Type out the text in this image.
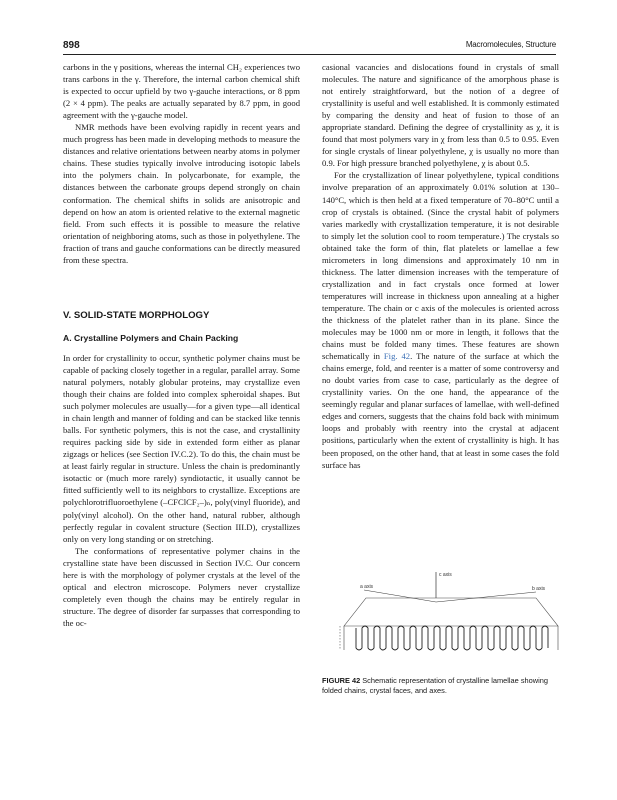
898	Macromolecules, Structure

carbons in the γ positions, whereas the internal CH₂ experiences two trans carbons in the γ. Therefore, the internal carbon chemical shift is expected to occur upfield by two γ-gauche interactions, or 8 ppm (2 × 4 ppm). The peaks are actually separated by 8.7 ppm, in good agreement with the γ-gauche model.

NMR methods have been evolving rapidly in recent years and much progress has been made in developing methods to measure the distances and relative orientations between nearby atoms in polymer chains. These studies typically involve introducing isotopic labels into the polymers chain. In polycarbonate, for example, the distances between the carbonate groups depend strongly on chain conformation. The chemical shifts in solids are anisotropic and depend on how an atom is oriented relative to the external magnetic field. From such effects it is possible to measure the relative orientation of neighboring atoms, such as those in polyethylene. The fraction of trans and gauche conformations can be directly measured from these spectra.

V. SOLID-STATE MORPHOLOGY
A. Crystalline Polymers and Chain Packing

In order for crystallinity to occur, synthetic polymer chains must be capable of packing closely together in a regular, parallel array. Some natural polymers, notably globular proteins, may crystallize even though their chains are folded into complex spheroidal shapes. But such polymer molecules are usually—for a given type—all identical in chain length and manner of folding and can be stacked like tennis balls. For synthetic polymers, this is not the case, and crystallinity requires packing side by side in extended form either as planar zigzags or helices (see Section IV.C.2). To do this, the chain must be at least fairly regular in structure. Unless the chain is predominantly isotactic or (much more rarely) syndiotactic, it usually cannot be fitted sufficiently well to its neighbors to crystallize. Exceptions are polychlorotrifluoroethylene (–CFClCF₂–)ₙ, poly(vinyl fluoride), and poly(vinyl alcohol). On the other hand, natural rubber, although perfectly regular in covalent structure (Section III.D), crystallizes only on very long standing or on stretching.

The conformations of representative polymer chains in the crystalline state have been discussed in Section IV.C. Our concern here is with the morphology of polymer crystals at the level of the optical and electron microscope. Polymers never crystallize completely even though the chains may be entirely regular in structure. The degree of disorder far surpasses that corresponding to the oc-

casional vacancies and dislocations found in crystals of small molecules. The nature and significance of the amorphous phase is not entirely straightforward, but the notion of a degree of crystallinity is useful and well established. It is commonly estimated by comparing the density and heat of fusion to those of an appropriate standard. Defining the degree of crystallinity as χ, it is found that most polymers vary in χ from less than 0.5 to 0.95. Even for single crystals of linear polyethylene, χ is usually no more than 0.9. For high pressure branched polyethylene, χ is about 0.5.

For the crystallization of linear polyethylene, typical conditions involve preparation of an approximately 0.01% solution at 130–140°C, which is then held at a fixed temperature of 70–80°C until a crop of crystals is obtained. (Since the crystal habit of polymers varies markedly with crystallization temperature, it is not desirable to simply let the solution cool to room temperature.) The crystals so obtained take the form of thin, flat platelets or lamellae a few micrometers in long dimensions and approximately 10 nm in thickness. The latter dimension increases with the temperature of crystallization and in fact crystals once formed at lower temperatures will increase in thickness upon annealing at a higher temperature. The chain or c axis of the molecules is oriented across the thickness of the platelet rather than in its plane. Since the molecules may be 1000 nm or more in length, it follows that the chains must be folded many times. These features are shown schematically in Fig. 42. The nature of the surface at which the chains emerge, fold, and reenter is a matter of some controversy and no doubt varies from case to case, particularly as the degree of crystallinity varies. On the one hand, the appearance of the seemingly regular and planar surfaces of lamellae, with well-defined edges and corners, suggests that the chains fold back with minimum loops and probably with reentry into the crystal at adjacent positions, particularly when the extent of crystallinity is high. It has been proposed, on the other hand, that at least in some cases the fold surface has

c axis
a axis	b axis
FIGURE 42 Schematic representation of crystalline lamellae showing folded chains, crystal faces, and axes.
